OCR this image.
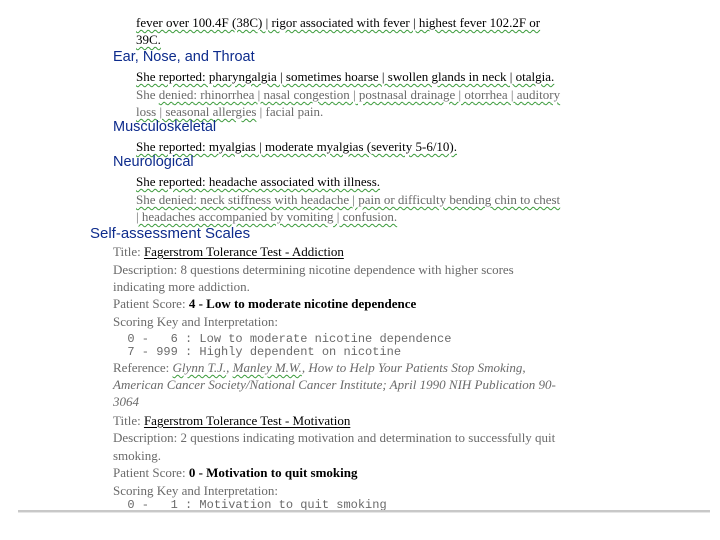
fever over 100.4F (38C) | rigor associated with fever | highest fever 102.2F or
39C.
Ear, Nose, and Throat
She reported: pharyngalgia | sometimes hoarse | swollen glands in neck | otalgia.
She denied: rhinorrhea | nasal congestion | postnasal drainage | otorrhea | auditory
loss | seasonal allergies | facial pain.
Musculoskeletal
She reported: myalgias | moderate myalgias (severity 5-6/10).
Neurological
She reported: headache associated with illness.
She denied: neck stiffness with headache | pain or difficulty bending chin to chest
| headaches accompanied by vomiting | confusion.
Self-assessment Scales
Title: Fagerstrom Tolerance Test - Addiction
Description: 8 questions determining nicotine dependence with higher scores
indicating more addiction.
Patient Score: 4 - Low to moderate nicotine dependence
Scoring Key and Interpretation:
0 -   6 : Low to moderate nicotine dependence
7 - 999 : Highly dependent on nicotine
Reference: Glynn T.J., Manley M.W., How to Help Your Patients Stop Smoking,
American Cancer Society/National Cancer Institute; April 1990 NIH Publication 90-
3064
Title: Fagerstrom Tolerance Test - Motivation
Description: 2 questions indicating motivation and determination to successfully quit
smoking.
Patient Score: 0 - Motivation to quit smoking
Scoring Key and Interpretation:
0 -   1 : Motivation to quit smoking
